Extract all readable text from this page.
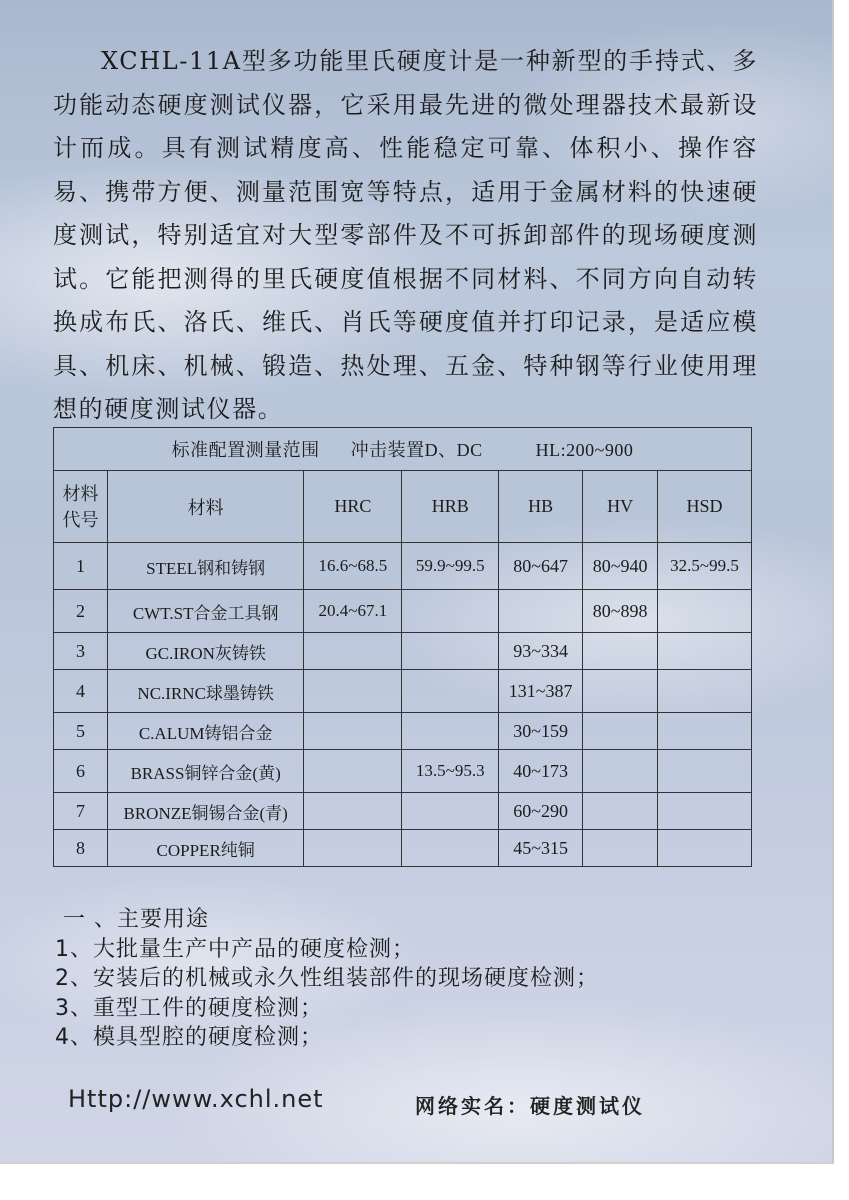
XCHL-11A型多功能里氏硬度计是一种新型的手持式、多功能动态硬度测试仪器，它采用最先进的微处理器技术最新设计而成。具有测试精度高、性能稳定可靠、体积小、操作容易、携带方便、测量范围宽等特点，适用于金属材料的快速硬度测试，特别适宜对大型零部件及不可拆卸部件的现场硬度测试。它能把测得的里氏硬度值根据不同材料、不同方向自动转换成布氏、洛氏、维氏、肖氏等硬度值并打印记录，是适应模具、机床、机械、锻造、热处理、五金、特种钢等行业使用理想的硬度测试仪器。

标准配置测量范围 冲击装置D、DC HL:200~900						
材料代号	材料	HRC	HRB	HB	HV	HSD
1	STEEL钢和铸钢	16.6~68.5	59.9~99.5	80~647	80~940	32.5~99.5
2	CWT.ST合金工具钢	20.4~67.1			80~898	
3	GC.IRON灰铸铁			93~334		
4	NC.IRNC球墨铸铁			131~387		
5	C.ALUM铸铝合金			30~159		
6	BRASS铜锌合金(黄)		13.5~95.3	40~173		
7	BRONZE铜锡合金(青)			60~290		
8	COPPER纯铜			45~315		
一 、主要用途
1、大批量生产中产品的硬度检测；
2、安装后的机械或永久性组装部件的现场硬度检测；
3、重型工件的硬度检测；
4、模具型腔的硬度检测；
Http://www.xchl.net	网络实名：硬度测试仪
